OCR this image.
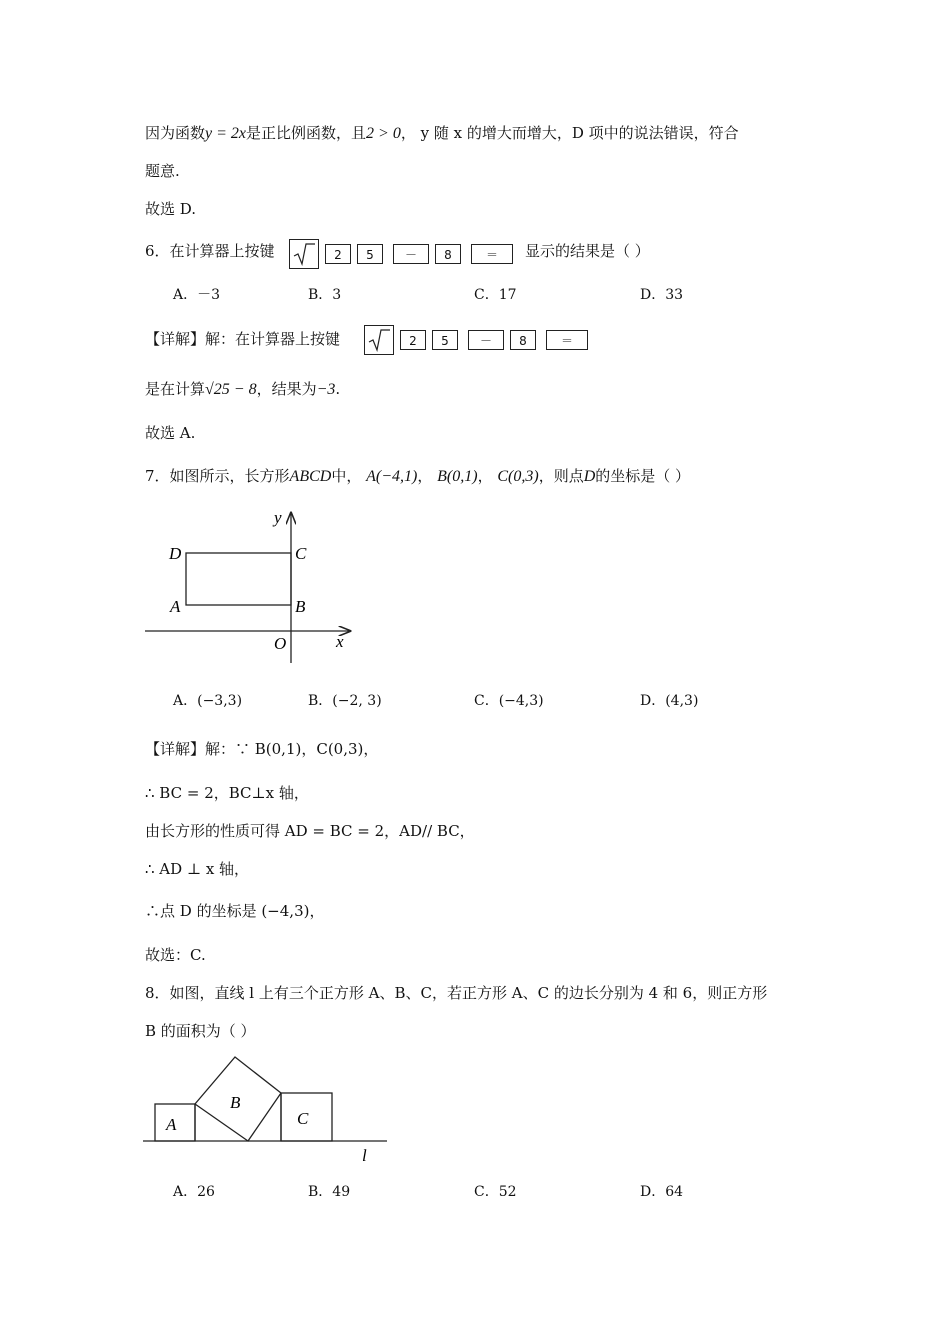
因为函数y = 2x是正比例函数，且2 > 0， y 随 x 的增大而增大，D 项中的说法错误，符合
题意.
故选 D.
6．在计算器上按键	2	5	－	8	＝	显示的结果是（ ）
A．－3	B．3	C．17	D．33
【详解】解：在计算器上按键	2	5	－	8	＝
是在计算√25 − 8，结果为−3.
故选 A.
7．如图所示，长方形ABCD中， A(−4,1)， B(0,1)， C(0,3)，则点D的坐标是（ ）
y
x
O
D	C
A	B
A．(−3,3)	B．(−2, 3)	C．(−4,3)	D．(4,3)
【详解】解：∵ B(0,1)，C(0,3)，
∴ BC = 2，BC⊥x 轴，
由长方形的性质可得 AD = BC = 2，AD// BC，
∴ AD ⊥ x 轴，
∴点 D 的坐标是 (−4,3)，
故选：C.
8．如图，直线 l 上有三个正方形 A、B、C，若正方形 A、C 的边长分别为 4 和 6，则正方形
B 的面积为（ ）
A
B
C
l
A．26	B．49	C．52	D．64
